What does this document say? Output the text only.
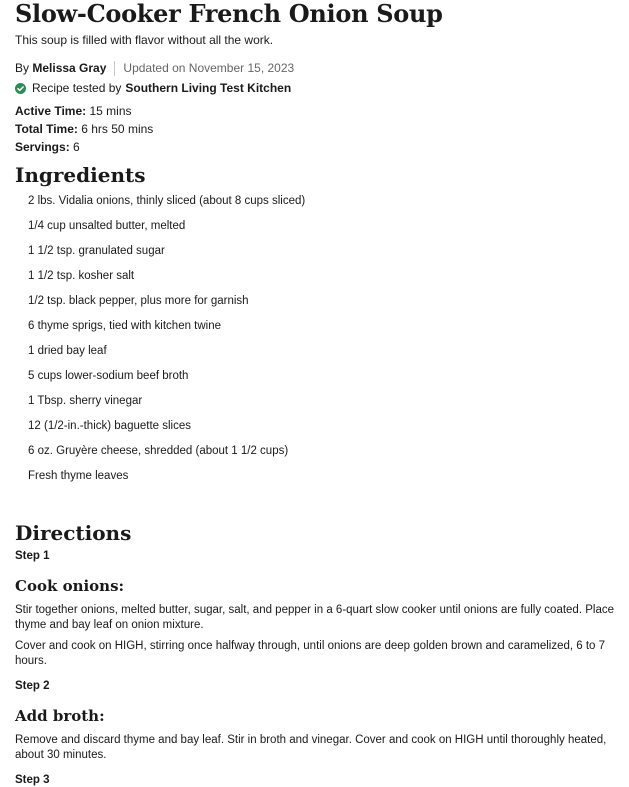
Slow-Cooker French Onion Soup
This soup is filled with flavor without all the work.
By
Melissa Gray Updated on November 15, 2023
Recipe tested by Southern Living Test Kitchen
Active Time: 15 mins
Total Time: 6 hrs 50 mins
Servings: 6
Ingredients
2 lbs. Vidalia onions, thinly sliced (about 8 cups sliced)
1/4 cup unsalted butter, melted
1 1/2 tsp. granulated sugar
1 1/2 tsp. kosher salt
1/2 tsp. black pepper, plus more for garnish
6 thyme sprigs, tied with kitchen twine
1 dried bay leaf
5 cups lower-sodium beef broth
1 Tbsp. sherry vinegar
12 (1/2-in.-thick) baguette slices
6 oz. Gruyère cheese, shredded (about 1 1/2 cups)
Fresh thyme leaves
Directions
Step 1
Cook onions:

Stir together onions, melted butter, sugar, salt, and pepper in a 6-quart slow cooker until onions are fully coated. Place thyme and bay leaf on onion mixture.

Cover and cook on HIGH, stirring once halfway through, until onions are deep golden brown and caramelized, 6 to 7 hours.

Step 2
Add broth:

Remove and discard thyme and bay leaf. Stir in broth and vinegar. Cover and cook on HIGH until thoroughly heated, about 30 minutes.

Step 3
